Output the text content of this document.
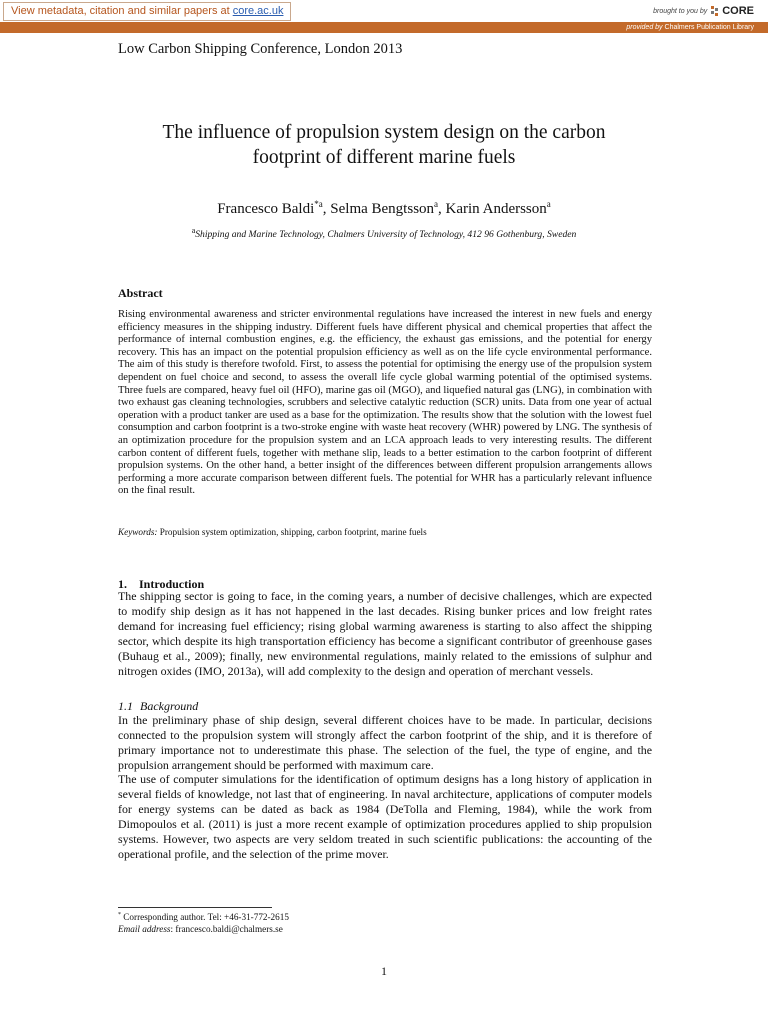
View metadata, citation and similar papers at core.ac.uk	brought to you by CORE
provided by Chalmers Publication Library
Low Carbon Shipping Conference, London 2013
The influence of propulsion system design on the carbon
footprint of different marine fuels
Francesco Baldi$^{*a}$, Selma Bengtsson$^a$, Karin Andersson$^a$
$^a$Shipping and Marine Technology, Chalmers University of Technology, 412 96 Gothenburg, Sweden
Abstract

Rising environmental awareness and stricter environmental regulations have increased the interest in new fuels and energy efficiency measures in the shipping industry. Different fuels have different physical and chemical properties that affect the performance of internal combustion engines, e.g. the efficiency, the exhaust gas emissions, and the potential for energy recovery. This has an impact on the potential propulsion efficiency as well as on the life cycle environmental performance. The aim of this study is therefore twofold. First, to assess the potential for optimising the energy use of the propulsion system dependent on fuel choice and second, to assess the overall life cycle global warming potential of the optimised systems. Three fuels are compared, heavy fuel oil (HFO), marine gas oil (MGO), and liquefied natural gas (LNG), in combination with two exhaust gas cleaning technologies, scrubbers and selective catalytic reduction (SCR) units. Data from one year of actual operation with a product tanker are used as a base for the optimization. The results show that the solution with the lowest fuel consumption and carbon footprint is a two-stroke engine with waste heat recovery (WHR) powered by LNG. The synthesis of an optimization procedure for the propulsion system and an LCA approach leads to very interesting results. The different carbon content of different fuels, together with methane slip, leads to a better estimation to the carbon footprint of different propulsion systems. On the other hand, a better insight of the differences between different propulsion arrangements allows performing a more accurate comparison between different fuels. The potential for WHR has a particularly relevant influence on the final result.

Keywords: Propulsion system optimization, shipping, carbon footprint, marine fuels
1. Introduction

The shipping sector is going to face, in the coming years, a number of decisive challenges, which are expected to modify ship design as it has not happened in the last decades. Rising bunker prices and low freight rates demand for increasing fuel efficiency; rising global warming awareness is starting to also affect the shipping sector, which despite its high transportation efficiency has become a significant contributor of greenhouse gases (Buhaug et al., 2009); finally, new environmental regulations, mainly related to the emissions of sulphur and nitrogen oxides (IMO, 2013a), will add complexity to the design and operation of merchant vessels.

1.1 Background

In the preliminary phase of ship design, several different choices have to be made. In particular, decisions connected to the propulsion system will strongly affect the carbon footprint of the ship, and it is therefore of primary importance not to underestimate this phase. The selection of the fuel, the type of engine, and the propulsion arrangement should be performed with maximum care.

The use of computer simulations for the identification of optimum designs has a long history of application in several fields of knowledge, not last that of engineering. In naval architecture, applications of computer models for energy systems can be dated as back as 1984 (DeTolla and Fleming, 1984), while the work from Dimopoulos et al. (2011) is just a more recent example of optimization procedures applied to ship propulsion systems. However, two aspects are very seldom treated in such scientific publications: the accounting of the operational profile, and the selection of the prime mover.

* Corresponding author. Tel: +46-31-772-2615
Email address: francesco.baldi@chalmers.se
1
